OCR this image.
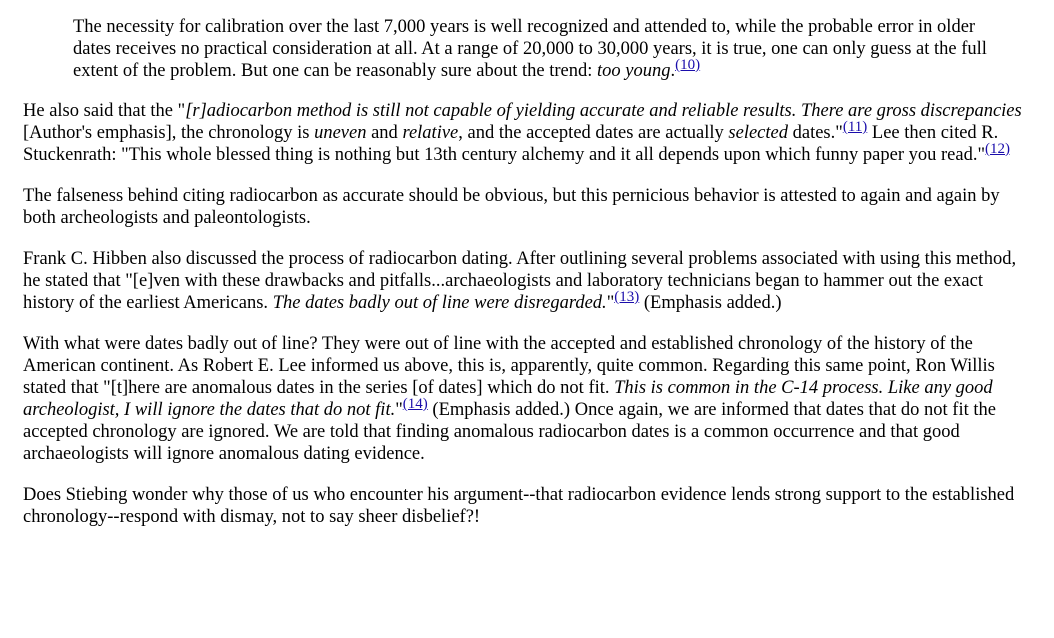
The necessity for calibration over the last 7,000 years is well recognized and attended to, while the probable error in older dates receives no practical consideration at all. At a range of 20,000 to 30,000 years, it is true, one can only guess at the full extent of the problem. But one can be reasonably sure about the trend: too young.$^{(10)}$

He also said that the "[r]adiocarbon method is still not capable of yielding accurate and reliable results. There are gross discrepancies [Author's emphasis], the chronology is uneven and relative, and the accepted dates are actually selected dates."$^{(11)}$ Lee then cited R. Stuckenrath: "This whole blessed thing is nothing but 13th century alchemy and it all depends upon which funny paper you read."$^{(12)}$

The falseness behind citing radiocarbon as accurate should be obvious, but this pernicious behavior is attested to again and again by both archeologists and paleontologists.

Frank C. Hibben also discussed the process of radiocarbon dating. After outlining several problems associated with using this method, he stated that "[e]ven with these drawbacks and pitfalls...archaeologists and laboratory technicians began to hammer out the exact history of the earliest Americans. The dates badly out of line were disregarded."$^{(13)}$ (Emphasis added.)

With what were dates badly out of line? They were out of line with the accepted and established chronology of the history of the American continent. As Robert E. Lee informed us above, this is, apparently, quite common. Regarding this same point, Ron Willis stated that "[t]here are anomalous dates in the series [of dates] which do not fit. This is common in the C-14 process. Like any good archeologist, I will ignore the dates that do not fit."$^{(14)}$ (Emphasis added.) Once again, we are informed that dates that do not fit the accepted chronology are ignored. We are told that finding anomalous radiocarbon dates is a common occurrence and that good archaeologists will ignore anomalous dating evidence.

Does Stiebing wonder why those of us who encounter his argument--that radiocarbon evidence lends strong support to the established chronology--respond with dismay, not to say sheer disbelief?!
